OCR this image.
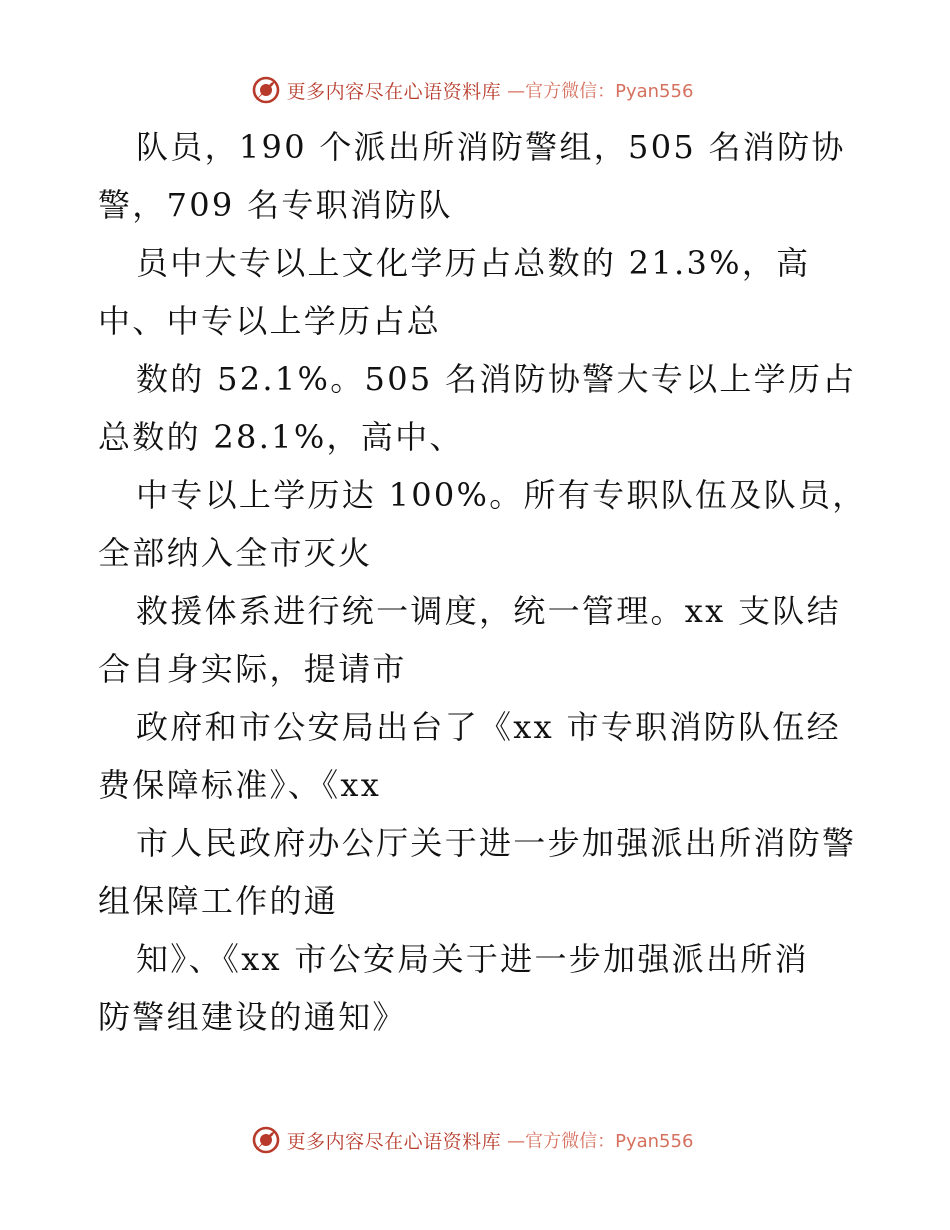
更多内容尽在心语资料库 —官方微信：Pyan556
队员，190 个派出所消防警组，505 名消防协
警，709 名专职消防队
员中大专以上文化学历占总数的 21.3%，高
中、中专以上学历占总
数的 52.1%。505 名消防协警大专以上学历占
总数的 28.1%，高中、
中专以上学历达 100%。所有专职队伍及队员，
全部纳入全市灭火
救援体系进行统一调度，统一管理。xx 支队结
合自身实际，提请市
政府和市公安局出台了《xx 市专职消防队伍经
费保障标准》、《xx
市人民政府办公厅关于进一步加强派出所消防警
组保障工作的通
知》、《xx 市公安局关于进一步加强派出所消
防警组建设的通知》
更多内容尽在心语资料库 —官方微信：Pyan556
